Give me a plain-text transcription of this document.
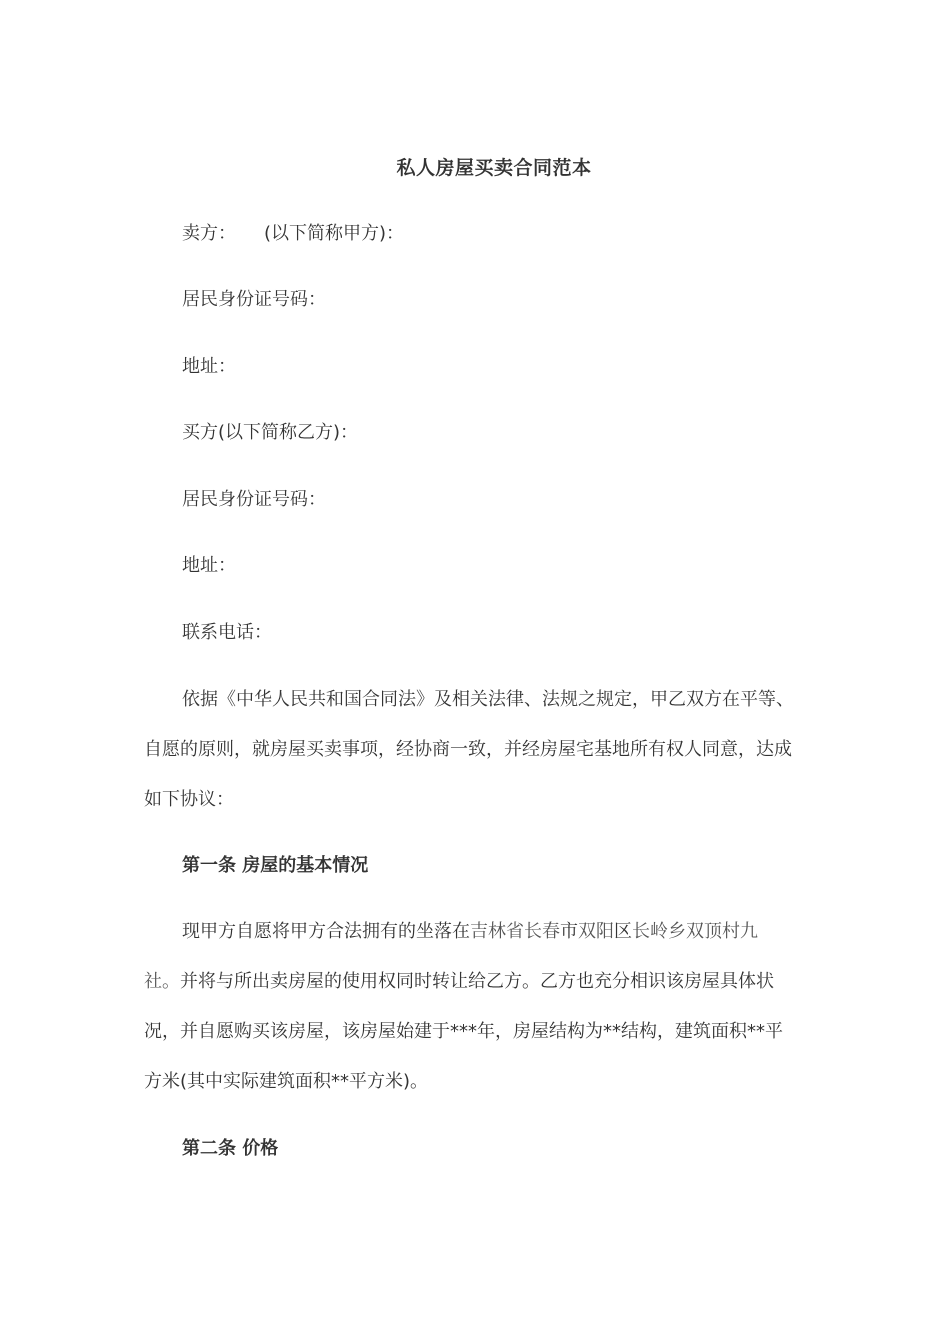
私人房屋买卖合同范本
卖方： (以下简称甲方)：
居民身份证号码：
地址：
买方(以下简称乙方)：
居民身份证号码：
地址：
联系电话：
依据《中华人民共和国合同法》及相关法律、法规之规定，甲乙双方在平等、
自愿的原则，就房屋买卖事项，经协商一致，并经房屋宅基地所有权人同意，达成
如下协议：
第一条 房屋的基本情况
现甲方自愿将甲方合法拥有的坐落在吉林省长春市双阳区长岭乡双顶村九
社。并将与所出卖房屋的使用权同时转让给乙方。乙方也充分相识该房屋具体状
况，并自愿购买该房屋，该房屋始建于***年，房屋结构为**结构，建筑面积**平
方米(其中实际建筑面积**平方米)。
第二条 价格
